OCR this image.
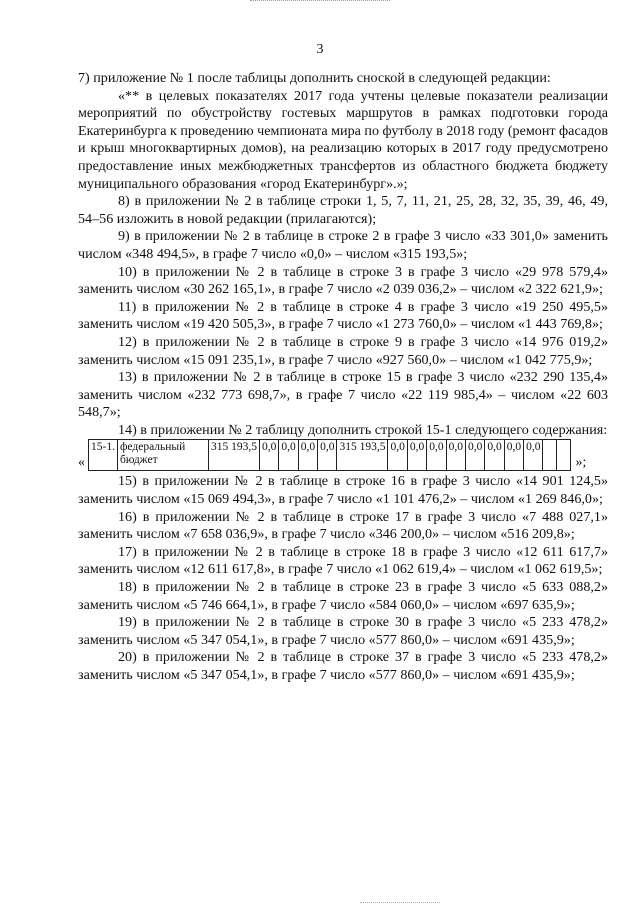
3

7) приложение № 1 после таблицы дополнить сноской в следующей редакции:

«** в целевых показателях 2017 года учтены целевые показатели реализации мероприятий по обустройству гостевых маршрутов в рамках подготовки города Екатеринбурга к проведению чемпионата мира по футболу в 2018 году (ремонт фасадов и крыш многоквартирных домов), на реализацию которых в 2017 году предусмотрено предоставление иных межбюджетных трансфертов из областного бюджета бюджету муниципального образования «город Екатеринбург».»;

8) в приложении № 2 в таблице строки 1, 5, 7, 11, 21, 25, 28, 32, 35, 39, 46, 49, 54–56 изложить в новой редакции (прилагаются);

9) в приложении № 2 в таблице в строке 2 в графе 3 число «33 301,0» заменить числом «348 494,5», в графе 7 число «0,0» – числом «315 193,5»;

10) в приложении № 2 в таблице в строке 3 в графе 3 число «29 978 579,4» заменить числом «30 262 165,1», в графе 7 число «2 039 036,2» – числом «2 322 621,9»;

11) в приложении № 2 в таблице в строке 4 в графе 3 число «19 250 495,5» заменить числом «19 420 505,3», в графе 7 число «1 273 760,0» – числом «1 443 769,8»;

12) в приложении № 2 в таблице в строке 9 в графе 3 число «14 976 019,2» заменить числом «15 091 235,1», в графе 7 число «927 560,0» – числом «1 042 775,9»;

13) в приложении № 2 в таблице в строке 15 в графе 3 число «232 290 135,4» заменить числом «232 773 698,7», в графе 7 число «22 119 985,4» – числом «22 603 548,7»;

14) в приложении № 2 таблицу дополнить строкой 15-1 следующего содержания:

«
15-1.	федеральный бюджет	315 193,5	0,0	0,0	0,0	0,0	315 193,5	0,0	0,0	0,0	0,0	0,0	0,0	0,0	0,0		
»;

15) в приложении № 2 в таблице в строке 16 в графе 3 число «14 901 124,5» заменить числом «15 069 494,3», в графе 7 число «1 101 476,2» – числом «1 269 846,0»;

16) в приложении № 2 в таблице в строке 17 в графе 3 число «7 488 027,1» заменить числом «7 658 036,9», в графе 7 число «346 200,0» – числом «516 209,8»;

17) в приложении № 2 в таблице в строке 18 в графе 3 число «12 611 617,7» заменить числом «12 611 617,8», в графе 7 число «1 062 619,4» – числом «1 062 619,5»;

18) в приложении № 2 в таблице в строке 23 в графе 3 число «5 633 088,2» заменить числом «5 746 664,1», в графе 7 число «584 060,0» – числом «697 635,9»;

19) в приложении № 2 в таблице в строке 30 в графе 3 число «5 233 478,2» заменить числом «5 347 054,1», в графе 7 число «577 860,0» – числом «691 435,9»;

20) в приложении № 2 в таблице в строке 37 в графе 3 число «5 233 478,2» заменить числом «5 347 054,1», в графе 7 число «577 860,0» – числом «691 435,9»;
